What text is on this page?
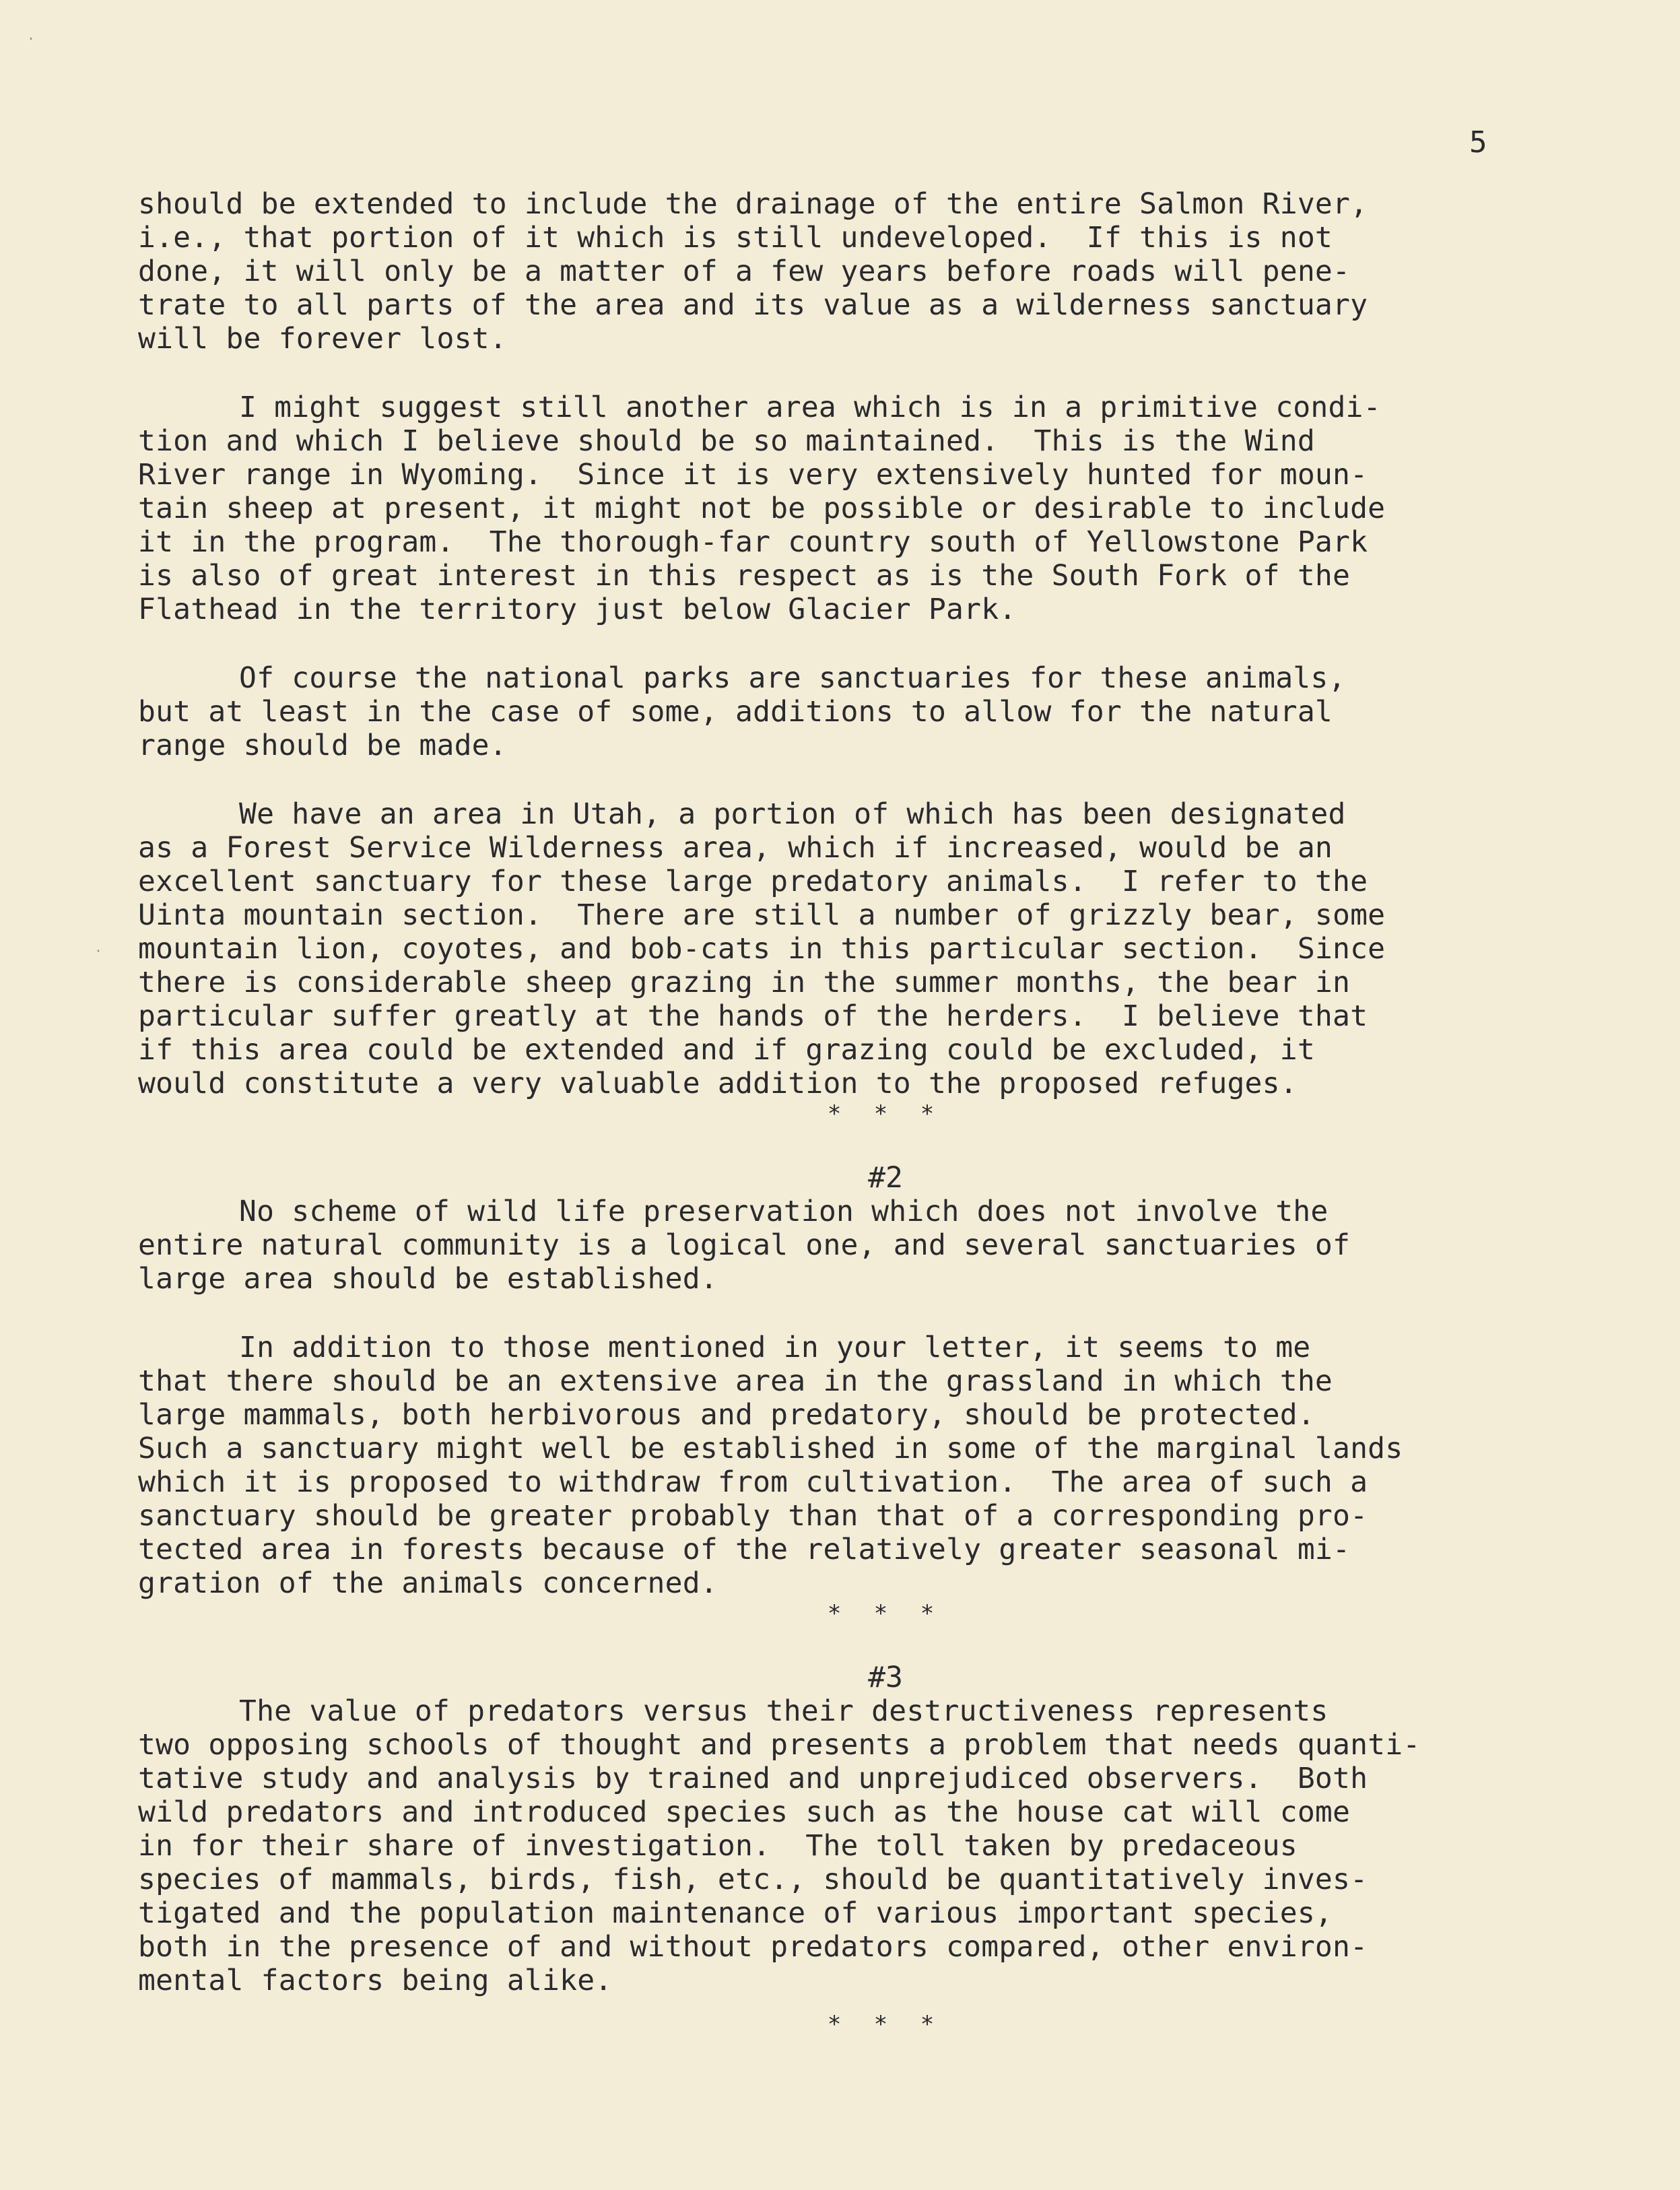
.
·
5
should be extended to include the drainage of the entire Salmon River,
i.e., that portion of it which is still undeveloped.  If this is not
done, it will only be a matter of a few years before roads will pene-
trate to all parts of the area and its value as a wilderness sanctuary
will be forever lost.
I might suggest still another area which is in a primitive condi-
tion and which I believe should be so maintained.  This is the Wind
River range in Wyoming.  Since it is very extensively hunted for moun-
tain sheep at present, it might not be possible or desirable to include
it in the program.  The thorough-far country south of Yellowstone Park
is also of great interest in this respect as is the South Fork of the
Flathead in the territory just below Glacier Park.
Of course the national parks are sanctuaries for these animals,
but at least in the case of some, additions to allow for the natural
range should be made.
We have an area in Utah, a portion of which has been designated
as a Forest Service Wilderness area, which if increased, would be an
excellent sanctuary for these large predatory animals.  I refer to the
Uinta mountain section.  There are still a number of grizzly bear, some
mountain lion, coyotes, and bob-cats in this particular section.  Since
there is considerable sheep grazing in the summer months, the bear in
particular suffer greatly at the hands of the herders.  I believe that
if this area could be extended and if grazing could be excluded, it
would constitute a very valuable addition to the proposed refuges.
* * *
#2
No scheme of wild life preservation which does not involve the
entire natural community is a logical one, and several sanctuaries of
large area should be established.
In addition to those mentioned in your letter, it seems to me
that there should be an extensive area in the grassland in which the
large mammals, both herbivorous and predatory, should be protected.
Such a sanctuary might well be established in some of the marginal lands
which it is proposed to withdraw from cultivation.  The area of such a
sanctuary should be greater probably than that of a corresponding pro-
tected area in forests because of the relatively greater seasonal mi-
gration of the animals concerned.
* * *
#3
The value of predators versus their destructiveness represents
two opposing schools of thought and presents a problem that needs quanti-
tative study and analysis by trained and unprejudiced observers.  Both
wild predators and introduced species such as the house cat will come
in for their share of investigation.  The toll taken by predaceous
species of mammals, birds, fish, etc., should be quantitatively inves-
tigated and the population maintenance of various important species,
both in the presence of and without predators compared, other environ-
mental factors being alike.
* * *
